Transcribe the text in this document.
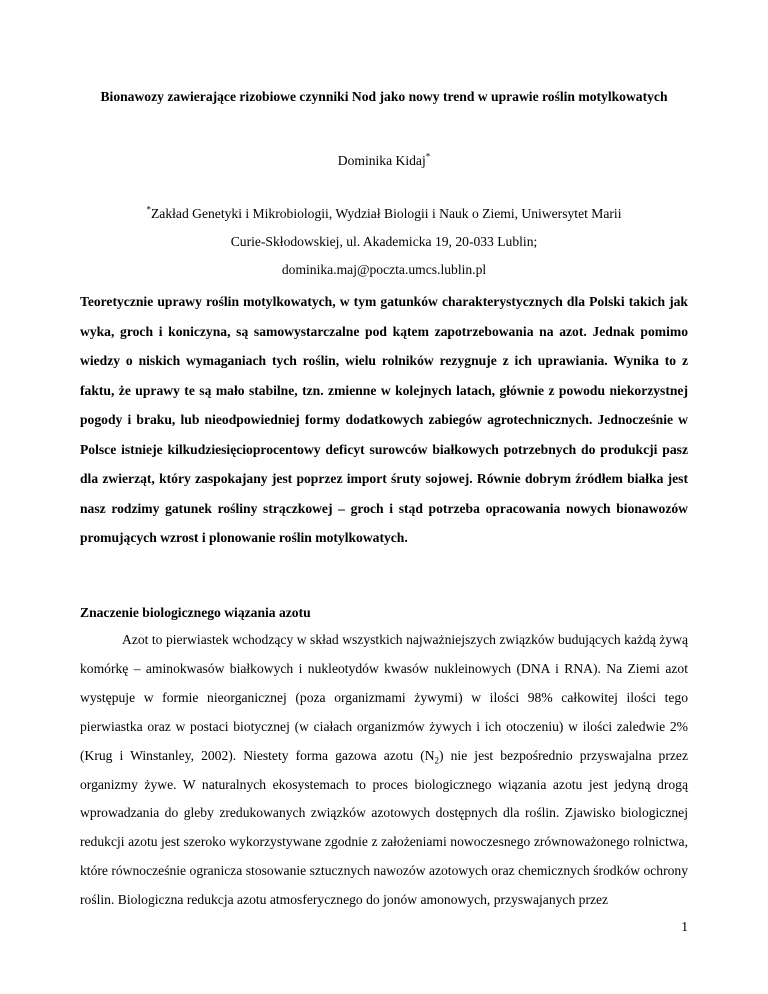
Bionawozy zawierające rizobiowe czynniki Nod jako nowy trend w uprawie roślin motylkowatych
Dominika Kidaj*
*Zakład Genetyki i Mikrobiologii, Wydział Biologii i Nauk o Ziemi, Uniwersytet Marii
Curie-Skłodowskiej, ul. Akademicka 19, 20-033 Lublin;
dominika.maj@poczta.umcs.lublin.pl
Teoretycznie uprawy roślin motylkowatych, w tym gatunków charakterystycznych dla Polski takich jak wyka, groch i koniczyna, są samowystarczalne pod kątem zapotrzebowania na azot. Jednak pomimo wiedzy o niskich wymaganiach tych roślin, wielu rolników rezygnuje z ich uprawiania. Wynika to z faktu, że uprawy te są mało stabilne, tzn. zmienne w kolejnych latach, głównie z powodu niekorzystnej pogody i braku, lub nieodpowiedniej formy dodatkowych zabiegów agrotechnicznych. Jednocześnie w Polsce istnieje kilkudziesięcioprocentowy deficyt surowców białkowych potrzebnych do produkcji pasz dla zwierząt, który zaspokajany jest poprzez import śruty sojowej. Równie dobrym źródłem białka jest nasz rodzimy gatunek rośliny strączkowej – groch i stąd potrzeba opracowania nowych bionawozów promujących wzrost i plonowanie roślin motylkowatych.
Znaczenie biologicznego wiązania azotu
Azot to pierwiastek wchodzący w skład wszystkich najważniejszych związków budujących każdą żywą komórkę – aminokwasów białkowych i nukleotydów kwasów nukleinowych (DNA i RNA). Na Ziemi azot występuje w formie nieorganicznej (poza organizmami żywymi) w ilości 98% całkowitej ilości tego pierwiastka oraz w postaci biotycznej (w ciałach organizmów żywych i ich otoczeniu) w ilości zaledwie 2% (Krug i Winstanley, 2002). Niestety forma gazowa azotu $(N_2)$ nie jest bezpośrednio przyswajalna przez organizmy żywe. W naturalnych ekosystemach to proces biologicznego wiązania azotu jest jedyną drogą wprowadzania do gleby zredukowanych związków azotowych dostępnych dla roślin. Zjawisko biologicznej redukcji azotu jest szeroko wykorzystywane zgodnie z założeniami nowoczesnego zrównoważonego rolnictwa, które równocześnie ogranicza stosowanie sztucznych nawozów azotowych oraz chemicznych środków ochrony roślin. Biologiczna redukcja azotu atmosferycznego do jonów amonowych, przyswajanych przez
1
